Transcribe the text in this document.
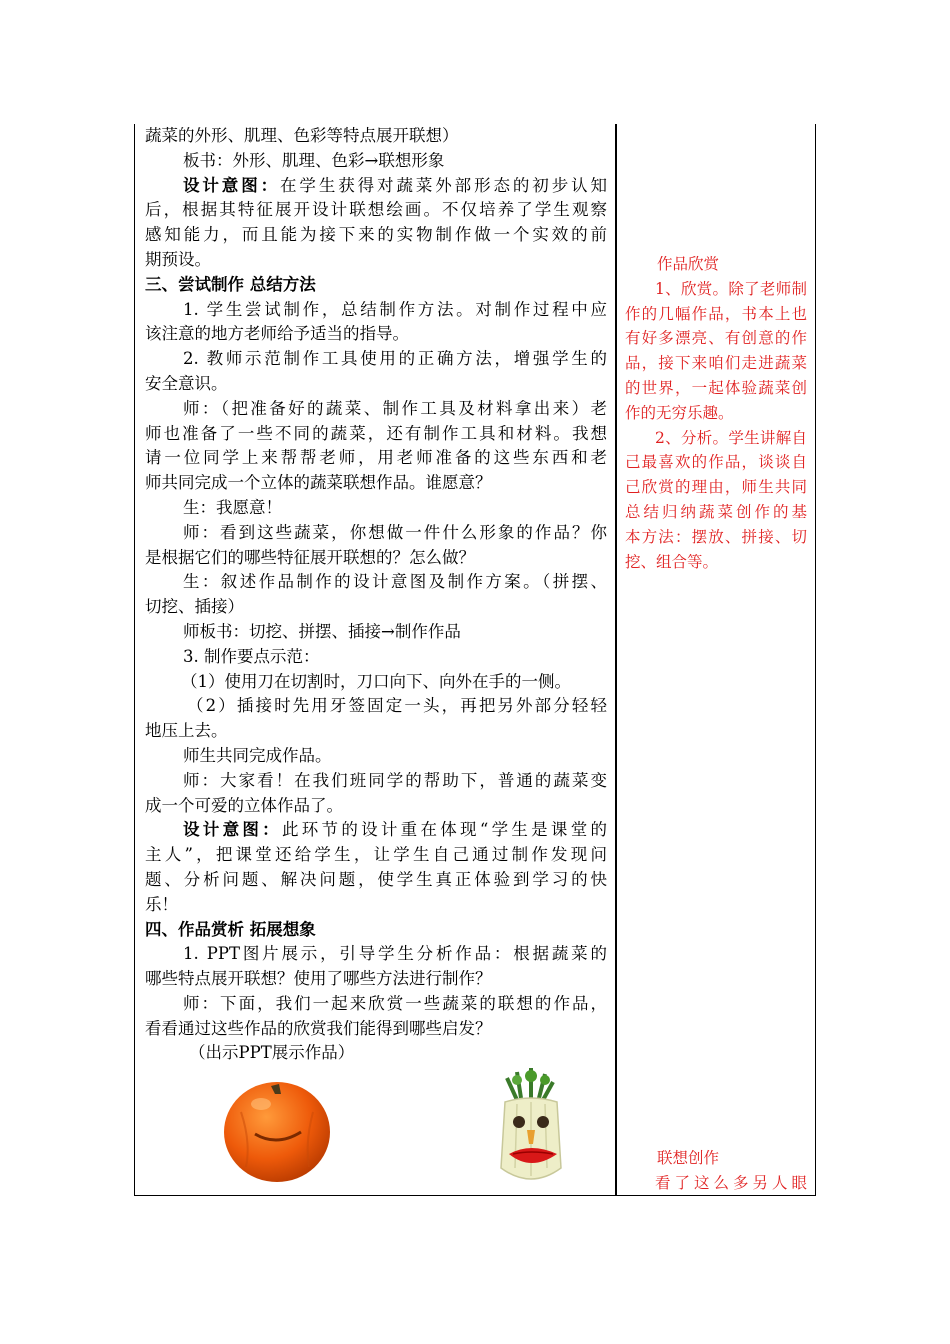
蔬菜的外形、肌理、色彩等特点展开联想）
板书：外形、肌理、色彩→联想形象
设计意图：在学生获得对蔬菜外部形态的初步认知
后，根据其特征展开设计联想绘画。不仅培养了学生观察
感知能力，而且能为接下来的实物制作做一个实效的前
期预设。
三、尝试制作 总结方法
1. 学生尝试制作，总结制作方法。对制作过程中应
该注意的地方老师给予适当的指导。
2. 教师示范制作工具使用的正确方法，增强学生的
安全意识。
师：（把准备好的蔬菜、制作工具及材料拿出来）老
师也准备了一些不同的蔬菜，还有制作工具和材料。我想
请一位同学上来帮帮老师，用老师准备的这些东西和老
师共同完成一个立体的蔬菜联想作品。谁愿意？
生：我愿意！
师：看到这些蔬菜，你想做一件什么形象的作品？你
是根据它们的哪些特征展开联想的？怎么做？
生：叙述作品制作的设计意图及制作方案。（拼摆、
切挖、插接）
师板书：切挖、拼摆、插接→制作作品
3. 制作要点示范：
（1）使用刀在切割时，刀口向下、向外在手的一侧。
（2）插接时先用牙签固定一头，再把另外部分轻轻
地压上去。
师生共同完成作品。
师：大家看！在我们班同学的帮助下，普通的蔬菜变
成一个可爱的立体作品了。
设计意图：此环节的设计重在体现“学生是课堂的
主人”，把课堂还给学生，让学生自己通过制作发现问
题、分析问题、解决问题，使学生真正体验到学习的快
乐！
四、作品赏析 拓展想象
1. PPT图片展示，引导学生分析作品：根据蔬菜的
哪些特点展开联想？使用了哪些方法进行制作？
师：下面，我们一起来欣赏一些蔬菜的联想的作品，
看看通过这些作品的欣赏我们能得到哪些启发？
（出示PPT展示作品）
作品欣赏
1、欣赏。除了老师制
作的几幅作品，书本上也
有好多漂亮、有创意的作
品，接下来咱们走进蔬菜
的世界，一起体验蔬菜创
作的无穷乐趣。
2、分析。学生讲解自
己最喜欢的作品，谈谈自
己欣赏的理由，师生共同
总结归纳蔬菜创作的基
本方法：摆放、拼接、切
挖、组合等。
联想创作
看了这么多另人眼
